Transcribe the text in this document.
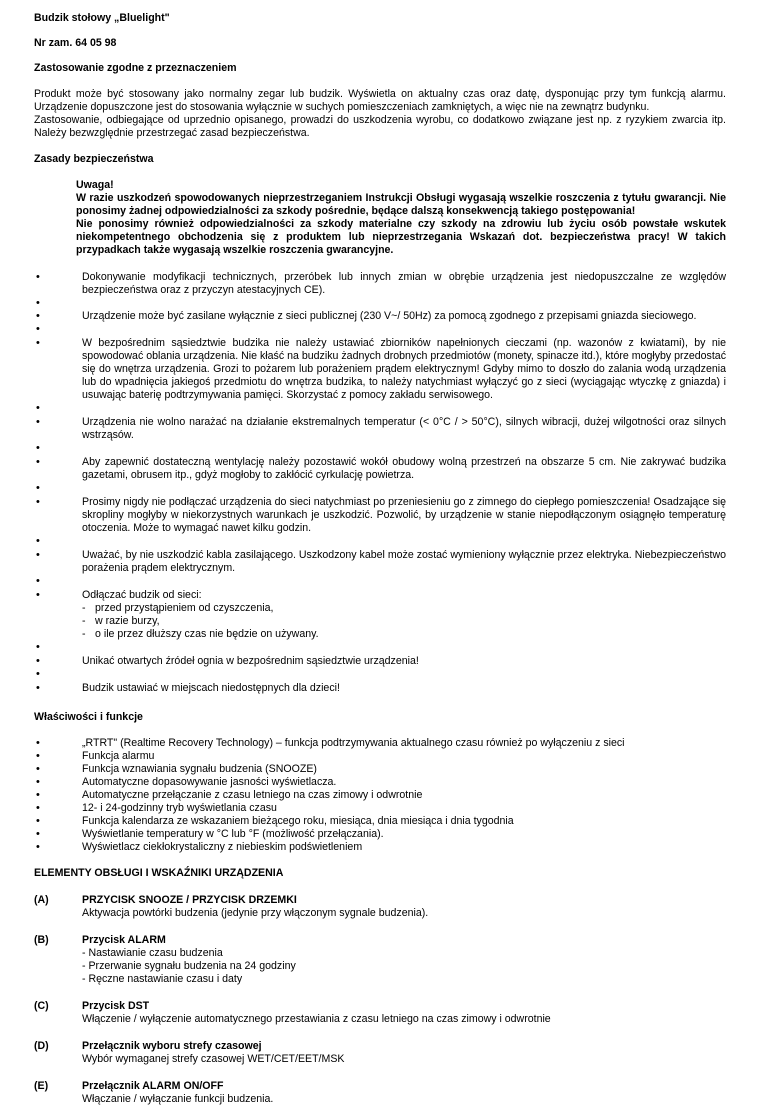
Budzik stołowy „Bluelight"

Nr zam. 64 05 98

Zastosowanie zgodne z przeznaczeniem

Produkt może być stosowany jako normalny zegar lub budzik. Wyświetla on aktualny czas oraz datę, dysponując przy tym funkcją alarmu. Urządzenie dopuszczone jest do stosowania wyłącznie w suchych pomieszczeniach zamkniętych, a więc nie na zewnątrz budynku.

Zastosowanie, odbiegające od uprzednio opisanego, prowadzi do uszkodzenia wyrobu, co dodatkowo związane jest np. z ryzykiem zwarcia itp. Należy bezwzględnie przestrzegać zasad bezpieczeństwa.

Zasady bezpieczeństwa

Uwaga!

W razie uszkodzeń spowodowanych nieprzestrzeganiem Instrukcji Obsługi wygasają wszelkie roszczenia z tytułu gwarancji. Nie ponosimy żadnej odpowiedzialności za szkody pośrednie, będące dalszą konsekwencją takiego postępowania!

Nie ponosimy również odpowiedzialności za szkody materialne czy szkody na zdrowiu lub życiu osób powstałe wskutek niekompetentnego obchodzenia się z produktem lub nieprzestrzegania Wskazań dot. bezpieczeństwa pracy! W takich przypadkach także wygasają wszelkie roszczenia gwarancyjne.

• Dokonywanie modyfikacji technicznych, przeróbek lub innych zmian w obrębie urządzenia jest niedopuszczalne ze względów bezpieczeństwa oraz z przyczyn atestacyjnych CE).
•
• Urządzenie może być zasilane wyłącznie z sieci publicznej (230 V~/ 50Hz) za pomocą zgodnego z przepisami gniazda sieciowego.
•
• W bezpośrednim sąsiedztwie budzika nie należy ustawiać zbiorników napełnionych cieczami (np. wazonów z kwiatami), by nie spowodować oblania urządzenia. Nie kłaść na budziku żadnych drobnych przedmiotów (monety, spinacze itd.), które mogłyby przedostać się do wnętrza urządzenia. Grozi to pożarem lub porażeniem prądem elektrycznym! Gdyby mimo to doszło do zalania wodą urządzenia lub do wpadnięcia jakiegoś przedmiotu do wnętrza budzika, to należy natychmiast wyłączyć go z sieci (wyciągając wtyczkę z gniazda) i usuwając baterię podtrzymywania pamięci. Skorzystać z pomocy zakładu serwisowego.
•
• Urządzenia nie wolno narażać na działanie ekstremalnych temperatur (< 0°C / > 50°C), silnych wibracji, dużej wilgotności oraz silnych wstrząsów.
•
• Aby zapewnić dostateczną wentylację należy pozostawić wokół obudowy wolną przestrzeń na obszarze 5 cm. Nie zakrywać budzika gazetami, obrusem itp., gdyż mogłoby to zakłócić cyrkulację powietrza.
•
• Prosimy nigdy nie podłączać urządzenia do sieci natychmiast po przeniesieniu go z zimnego do ciepłego pomieszczenia! Osadzające się skropliny mogłyby w niekorzystnych warunkach je uszkodzić. Pozwolić, by urządzenie w stanie niepodłączonym osiągnęło temperaturę otoczenia. Może to wymagać nawet kilku godzin.
•
• Uważać, by nie uszkodzić kabla zasilającego. Uszkodzony kabel może zostać wymieniony wyłącznie przez elektryka. Niebezpieczeństwo porażenia prądem elektrycznym.
•
• Odłączać budzik od sieci:
- przed przystąpieniem od czyszczenia,
- w razie burzy,
- o ile przez dłuższy czas nie będzie on używany.
•
• Unikać otwartych źródeł ognia w bezpośrednim sąsiedztwie urządzenia!
•
• Budzik ustawiać w miejscach niedostępnych dla dzieci!

Właściwości i funkcje

• „RTRT" (Realtime Recovery Technology) – funkcja podtrzymywania aktualnego czasu również po wyłączeniu z sieci
• Funkcja alarmu
• Funkcja wznawiania sygnału budzenia (SNOOZE)
• Automatyczne dopasowywanie jasności wyświetlacza.
• Automatyczne przełączanie z czasu letniego na czas zimowy i odwrotnie
• 12- i 24-godzinny tryb wyświetlania czasu
• Funkcja kalendarza ze wskazaniem bieżącego roku, miesiąca, dnia miesiąca i dnia tygodnia
• Wyświetlanie temperatury w °C lub °F (możliwość przełączania).
• Wyświetlacz ciekłokrystaliczny z niebieskim podświetleniem

ELEMENTY OBSŁUGI I WSKAŹNIKI URZĄDZENIA

(A)	PRZYCISK SNOOZE / PRZYCISK DRZEMKI
Aktywacja powtórki budzenia (jedynie przy włączonym sygnale budzenia).
(B)	Przycisk ALARM
- Nastawianie czasu budzenia
- Przerwanie sygnału budzenia na 24 godziny
- Ręczne nastawianie czasu i daty
(C)	Przycisk DST
Włączenie / wyłączenie automatycznego przestawiania z czasu letniego na czas zimowy i odwrotnie
(D)	Przełącznik wyboru strefy czasowej
Wybór wymaganej strefy czasowej WET/CET/EET/MSK
(E)	Przełącznik ALARM ON/OFF
Włączanie / wyłączanie funkcji budzenia.
